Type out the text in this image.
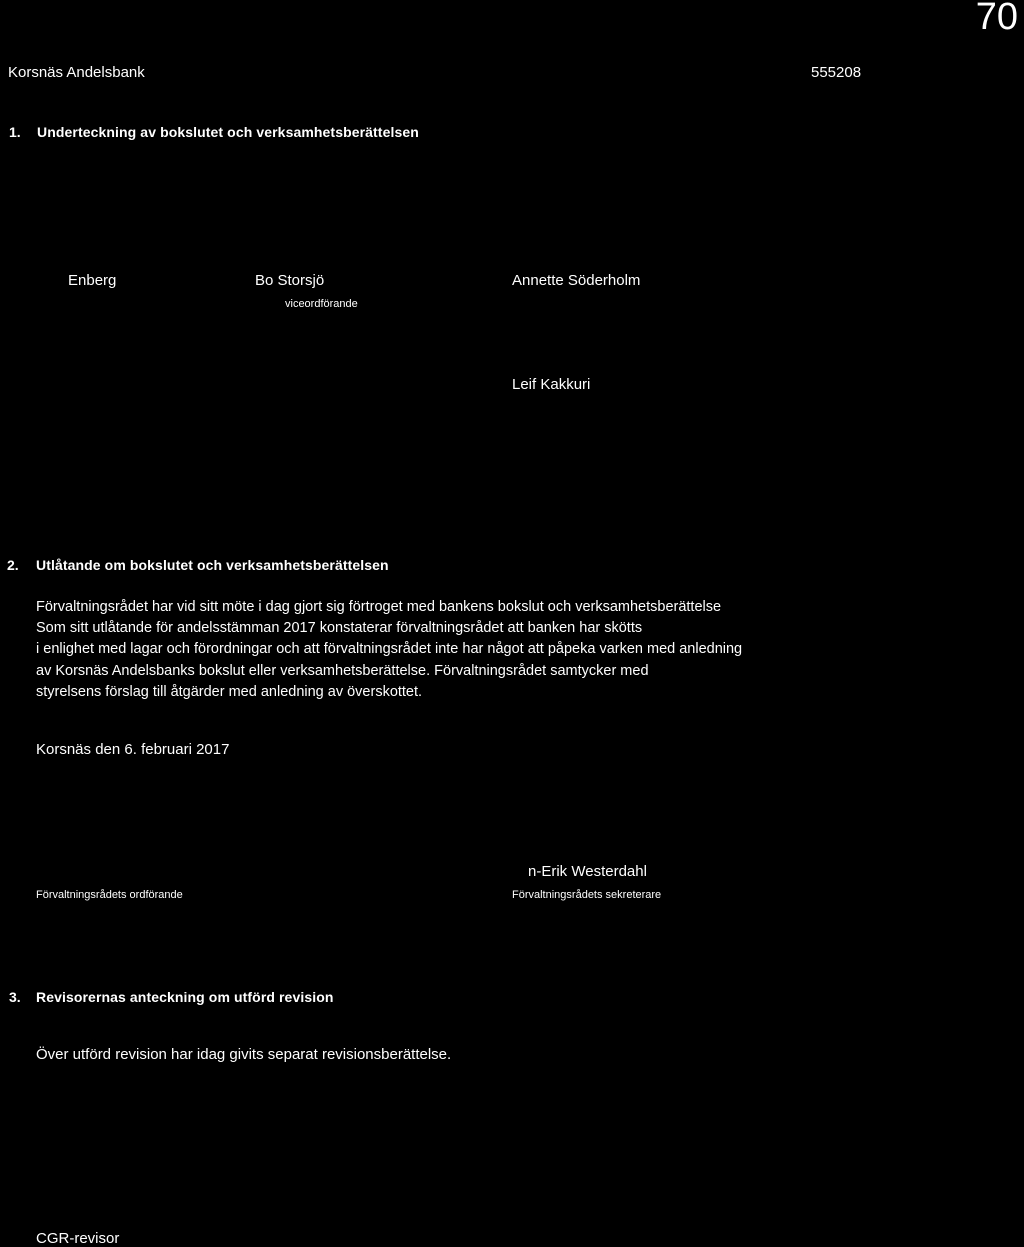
70
Korsnäs Andelsbank	555208
1. Underteckning av bokslutet och verksamhetsberättelsen
Enberg	Bo Storsjö
viceordförande
Annette Söderholm
Leif Kakkuri
2. Utlåtande om bokslutet och verksamhetsberättelsen
Förvaltningsrådet har vid sitt möte i dag gjort sig förtroget med bankens bokslut och verksamhetsberättelse
Som sitt utlåtande för andelsstämman 2017 konstaterar förvaltningsrådet att banken har skötts
i enlighet med lagar och förordningar och att förvaltningsrådet inte har något att påpeka varken med anledning
av Korsnäs Andelsbanks bokslut eller verksamhetsberättelse. Förvaltningsrådet samtycker med
styrelsens förslag till åtgärder med anledning av överskottet.
Korsnäs den 6. februari 2017
Förvaltningsrådets ordförande
n-Erik Westerdahl
Förvaltningsrådets sekreterare
3. Revisorernas anteckning om utförd revision
Över utförd revision har idag givits separat revisionsberättelse.
CGR-revisor
